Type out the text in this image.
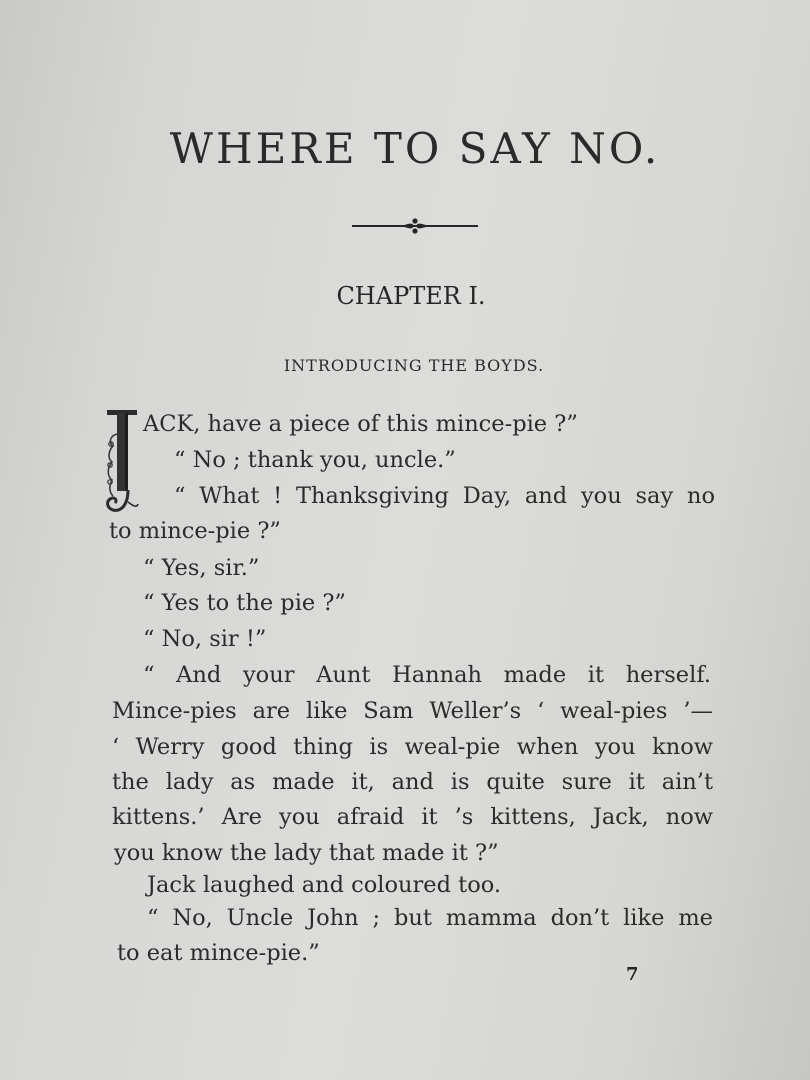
WHERE TO SAY NO.
CHAPTER I.
INTRODUCING THE BOYDS.
ACK, have a piece of this mince-pie ?”
“ No ; thank you, uncle.”
“ What ! Thanksgiving Day, and you say no
to mince-pie ?”
“ Yes, sir.”
“ Yes to the pie ?”
“ No, sir !”
“ And your Aunt Hannah made it herself.
Mince-pies are like Sam Weller’s ‘ weal-pies ’—
‘ Werry good thing is weal-pie when you know
the lady as made it, and is quite sure it ain’t
kittens.’ Are you afraid it ’s kittens, Jack, now
you know the lady that made it ?”
Jack laughed and coloured too.
“ No, Uncle John ; but mamma don’t like me
to eat mince-pie.”
7
